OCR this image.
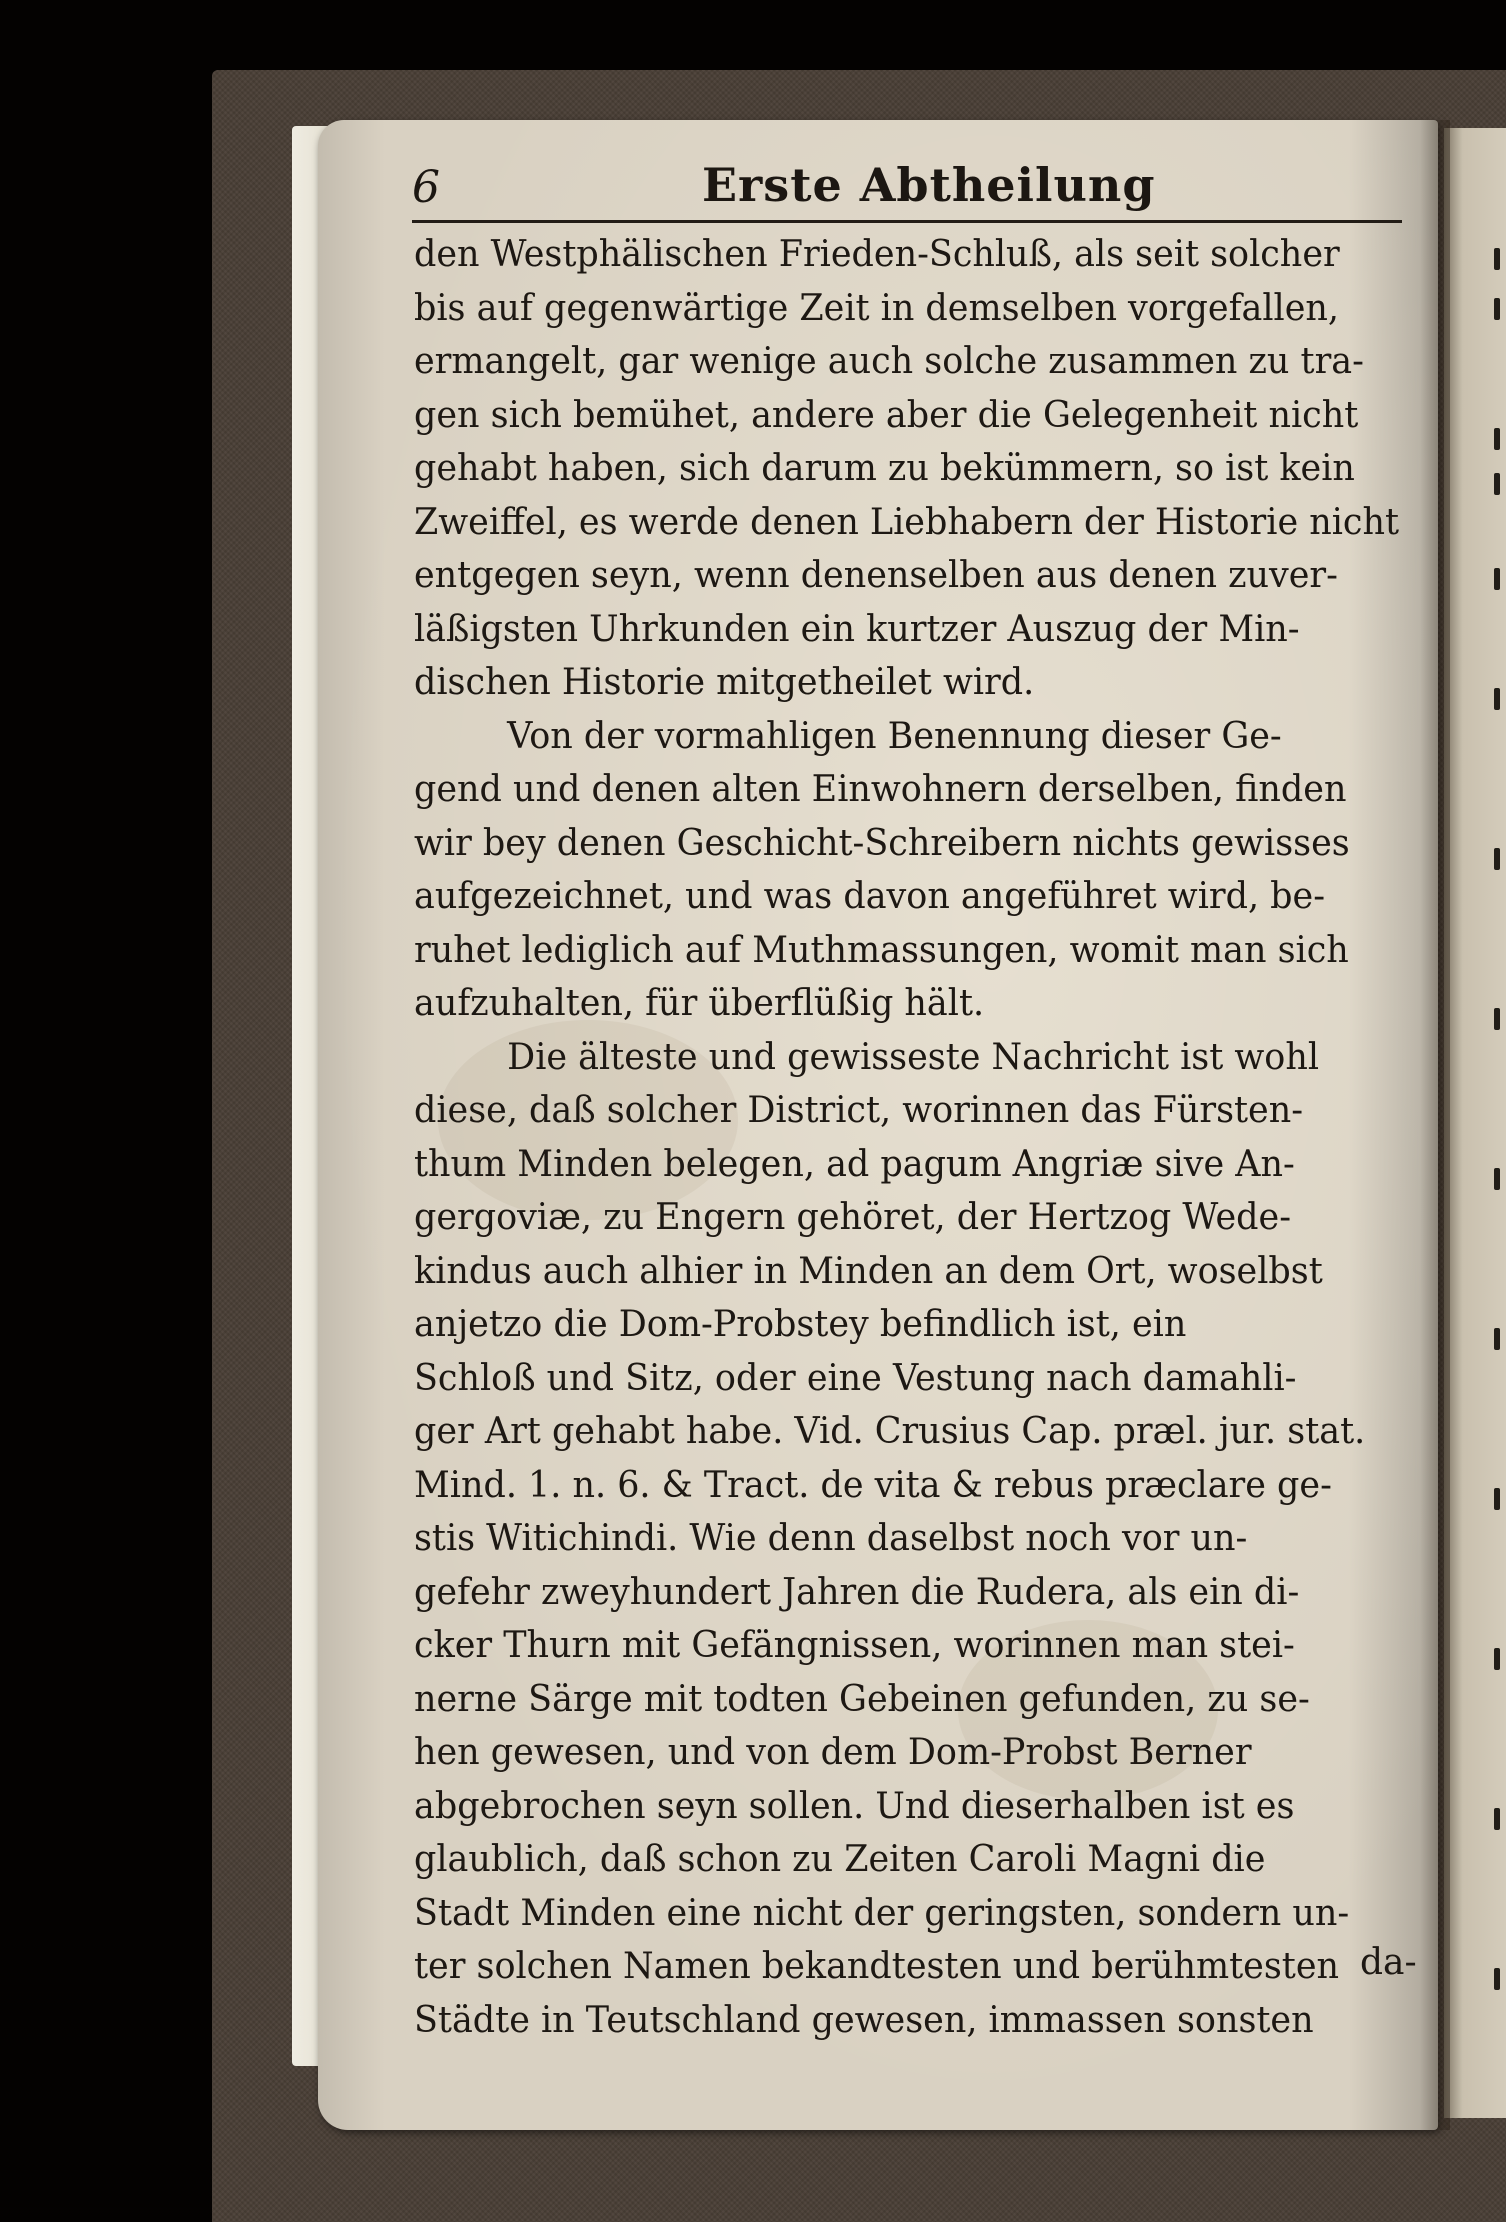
6	Erste Abtheilung
den Westphälischen Frieden-Schluß, als seit solcher
bis auf gegenwärtige Zeit in demselben vorgefallen,
ermangelt, gar wenige auch solche zusammen zu tra-
gen sich bemühet, andere aber die Gelegenheit nicht
gehabt haben, sich darum zu bekümmern, so ist kein
Zweiffel, es werde denen Liebhabern der Historie nicht
entgegen seyn, wenn denenselben aus denen zuver-
läßigsten Uhrkunden ein kurtzer Auszug der Min-
dischen Historie mitgetheilet wird.
Von der vormahligen Benennung dieser Ge-
gend und denen alten Einwohnern derselben, finden
wir bey denen Geschicht-Schreibern nichts gewisses
aufgezeichnet, und was davon angeführet wird, be-
ruhet lediglich auf Muthmassungen, womit man sich
aufzuhalten, für überflüßig hält.
Die älteste und gewisseste Nachricht ist wohl
diese, daß solcher District, worinnen das Fürsten-
thum Minden belegen, ad pagum Angriæ sive An-
gergoviæ, zu Engern gehöret, der Hertzog Wede-
kindus auch alhier in Minden an dem Ort, woselbst
anjetzo die Dom-Probstey befindlich ist, ein
Schloß und Sitz, oder eine Vestung nach damahli-
ger Art gehabt habe. Vid. Crusius Cap. præl. jur. stat.
Mind. 1. n. 6. & Tract. de vita & rebus præclare ge-
stis Witichindi. Wie denn daselbst noch vor un-
gefehr zweyhundert Jahren die Rudera, als ein di-
cker Thurn mit Gefängnissen, worinnen man stei-
nerne Särge mit todten Gebeinen gefunden, zu se-
hen gewesen, und von dem Dom-Probst Berner
abgebrochen seyn sollen. Und dieserhalben ist es
glaublich, daß schon zu Zeiten Caroli Magni die
Stadt Minden eine nicht der geringsten, sondern un-
ter solchen Namen bekandtesten und berühmtesten
Städte in Teutschland gewesen, immassen sonsten
da-
